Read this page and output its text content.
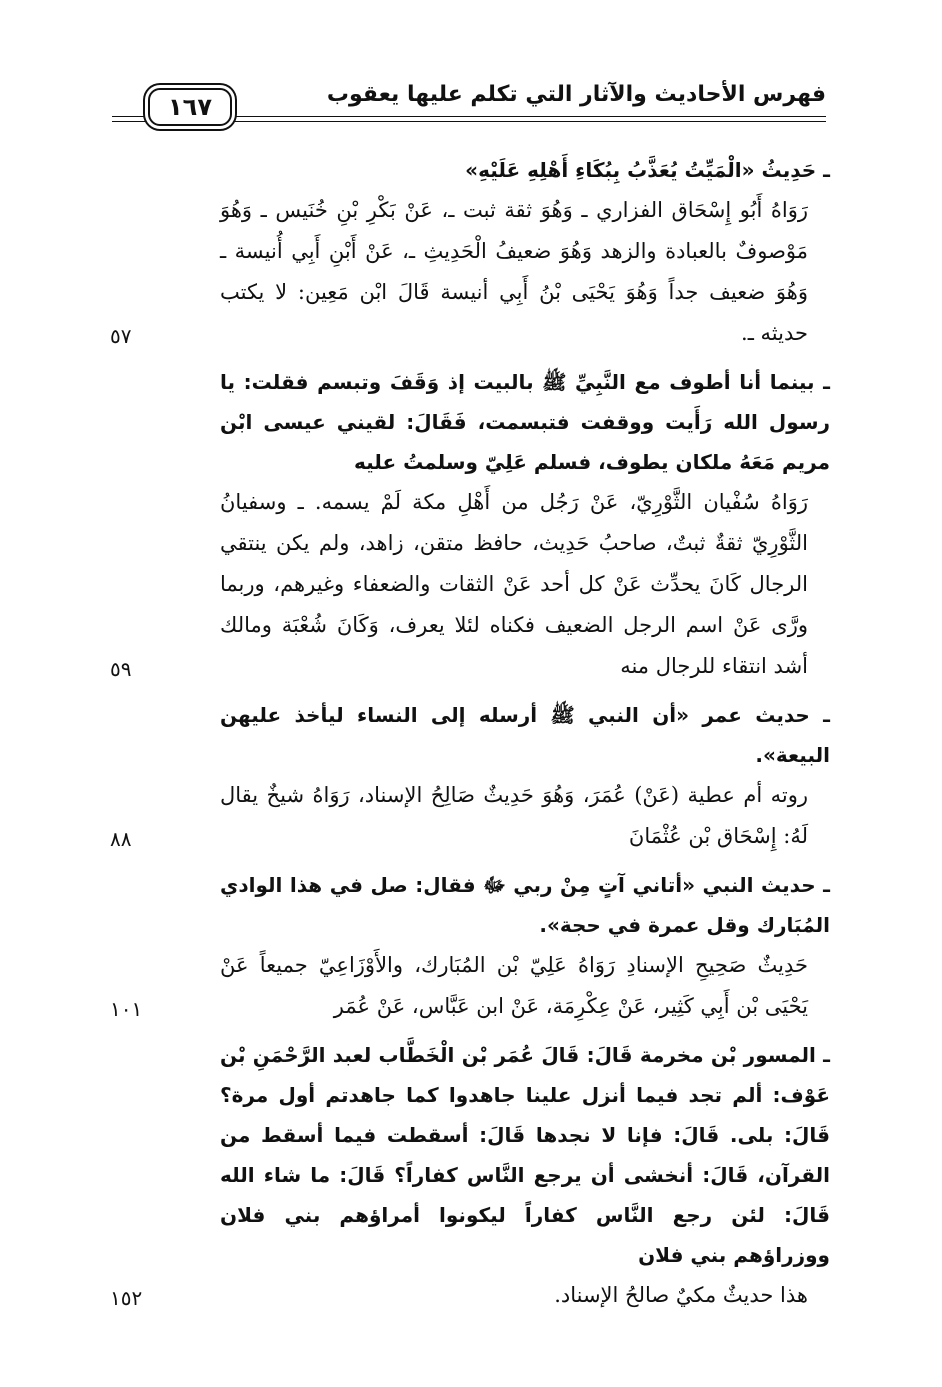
فهرس الأحاديث والآثار التي تكلم عليها يعقوب
١٦٧
ـ حَدِيثُ «الْمَيِّتُ يُعَذَّبُ بِبُكَاءِ أَهْلِهِ عَلَيْهِ»
رَوَاهُ أَبُو إِسْحَاق الفزاري ـ وَهُوَ ثقة ثبت ـ، عَنْ بَكْرِ بْنِ خُنَيس ـ وَهُوَ مَوْصوفٌ بالعبادة والزهد وَهُوَ ضعيفُ الْحَدِيثِ ـ، عَنْ أَبْنِ أَبِي أُنيسة ـ وَهُوَ ضعيف جداً وَهُوَ يَحْيَى بْنُ أَبِي أنيسة قَالَ ابْن مَعِين: لا يكتب حديثه ـ.
٥٧
ـ بينما أنا أطوف مع النَّبِيِّ ﷺ بالبيت إذ وَقَفَ وتبسم فقلت: يا رسول الله رَأَيت ووقفت فتبسمت، فَقَالَ: لقيني عيسى ابْن مريم مَعَهُ ملكان يطوف، فسلم عَلِيّ وسلمتُ عليه
رَوَاهُ سُفْيان الثَّوْرِيّ، عَنْ رَجُل من أَهْلِ مكة لَمْ يسمه. ـ وسفيانُ الثَّوْرِيّ ثقةٌ ثبتٌ، صاحبُ حَدِيث، حافظ متقن، زاهد، ولم يكن ينتقي الرجال كَانَ يحدِّث عَنْ كل أحد عَنْ الثقات والضعفاء وغيرهم، وربما ورَّى عَنْ اسم الرجل الضعيف فكناه لئلا يعرف، وَكَانَ شُعْبَة ومالك أشد انتقاء للرجال منه
٥٩
ـ حديث عمر «أن النبي ﷺ أرسله إلى النساء ليأخذ عليهن البيعة».
روته أم عطية (عَنْ) عُمَرَ، وَهُوَ حَدِيثٌ صَالِحُ الإسناد، رَوَاهُ شيخٌ يقال لَهُ: إِسْحَاق بْن عُثْمَانَ
٨٨
ـ حديث النبي «أتاني آتٍ مِنْ ربي ﷻ فقال: صل في هذا الوادي المُبَارك وقل عمرة في حجة».
حَدِيثٌ صَحِيحِ الإسنادِ رَوَاهُ عَلِيّ بْن المُبَارك، والأَوْزَاعِيّ جميعاً عَنْ يَحْيَى بْن أَبِي كَثِير، عَنْ عِكْرِمَة، عَنْ ابن عَبَّاس، عَنْ عُمَر
١٠١
ـ المسور بْن مخرمة قَالَ: قَالَ عُمَر بْن الْخَطَّاب لعبد الرَّحْمَنِ بْن عَوْف: ألم تجد فيما أنزل علينا جاهدوا كما جاهدتم أول مرة؟ قَالَ: بلى. قَالَ: فإنا لا نجدها قَالَ: أسقطت فيما أسقط من القرآن، قَالَ: أنخشى أن يرجع النَّاس كفاراً؟ قَالَ: ما شاء الله قَالَ: لئن رجع النَّاس كفاراً ليكونوا أمراؤهم بني فلان ووزراؤهم بني فلان
هذا حديثٌ مكيٌ صالحُ الإسناد.
١٥٢
